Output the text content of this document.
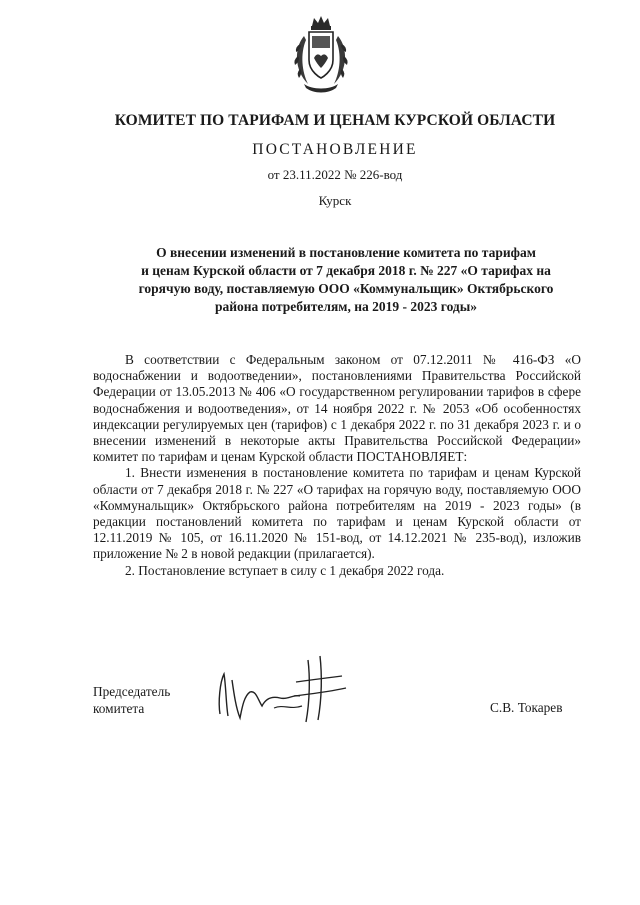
КОМИТЕТ ПО ТАРИФАМ И ЦЕНАМ КУРСКОЙ ОБЛАСТИ
ПОСТАНОВЛЕНИЕ
от 23.11.2022 № 226-вод
Курск
О внесении изменений в постановление комитета по тарифам
и ценам Курской области от 7 декабря 2018 г. № 227 «О тарифах на
горячую воду, поставляемую ООО «Коммунальщик» Октябрьского
района потребителям, на 2019 - 2023 годы»

В соответствии с Федеральным законом от 07.12.2011 № 416-ФЗ «О водоснабжении и водоотведении», постановлениями Правительства Российской Федерации от 13.05.2013 № 406 «О государственном регулировании тарифов в сфере водоснабжения и водоотведения», от 14 ноября 2022 г. № 2053 «Об особенностях индексации регулируемых цен (тарифов) с 1 декабря 2022 г. по 31 декабря 2023 г. и о внесении изменений в некоторые акты Правительства Российской Федерации» комитет по тарифам и ценам Курской области ПОСТАНОВЛЯЕТ:

1. Внести изменения в постановление комитета по тарифам и ценам Курской области от 7 декабря 2018 г. № 227 «О тарифах на горячую воду, поставляемую ООО «Коммунальщик» Октябрьского района потребителям на 2019 - 2023 годы» (в редакции постановлений комитета по тарифам и ценам Курской области от 12.11.2019 № 105, от 16.11.2020 № 151-вод, от 14.12.2021 № 235-вод), изложив приложение № 2 в новой редакции (прилагается).

2. Постановление вступает в силу с 1 декабря 2022 года.

Председатель
комитета	С.В. Токарев
